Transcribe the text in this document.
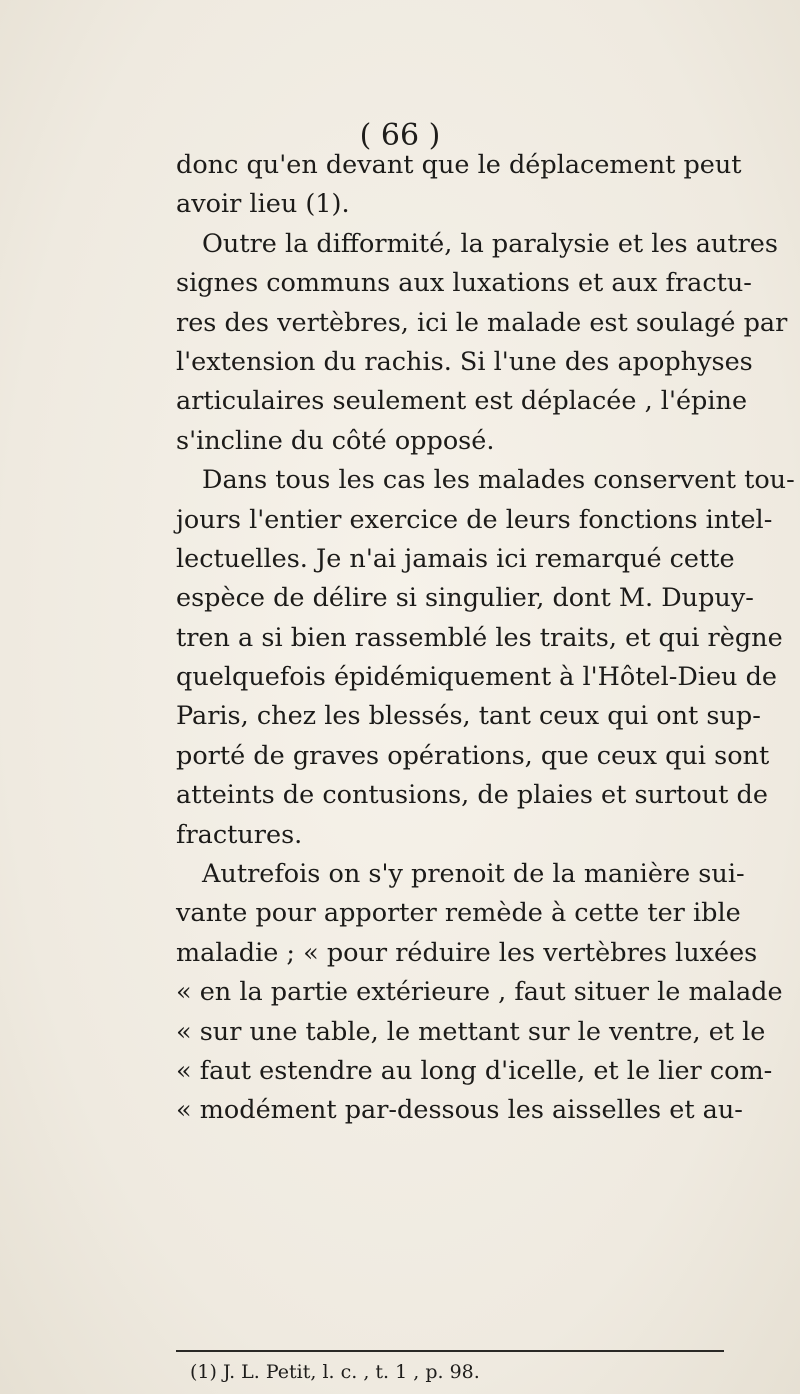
( 66 )
donc qu'en devant que le déplacement peut
avoir lieu (1).
Outre la difformité, la paralysie et les autres
signes communs aux luxations et aux fractu-
res des vertèbres, ici le malade est soulagé par
l'extension du rachis. Si l'une des apophyses
articulaires seulement est déplacée , l'épine
s'incline du côté opposé.
Dans tous les cas les malades conservent tou-
jours l'entier exercice de leurs fonctions intel-
lectuelles. Je n'ai jamais ici remarqué cette
espèce de délire si singulier, dont M. Dupuy-
tren a si bien rassemblé les traits, et qui règne
quelquefois épidémiquement à l'Hôtel-Dieu de
Paris, chez les blessés, tant ceux qui ont sup-
porté de graves opérations, que ceux qui sont
atteints de contusions, de plaies et surtout de
fractures.
Autrefois on s'y prenoit de la manière sui-
vante pour apporter remède à cette ter ible
maladie ; « pour réduire les vertèbres luxées
« en la partie extérieure , faut situer le malade
« sur une table, le mettant sur le ventre, et le
« faut estendre au long d'icelle, et le lier com-
« modément par-dessous les aisselles et au-
(1) J. L. Petit, l. c. , t. 1 , p. 98.
